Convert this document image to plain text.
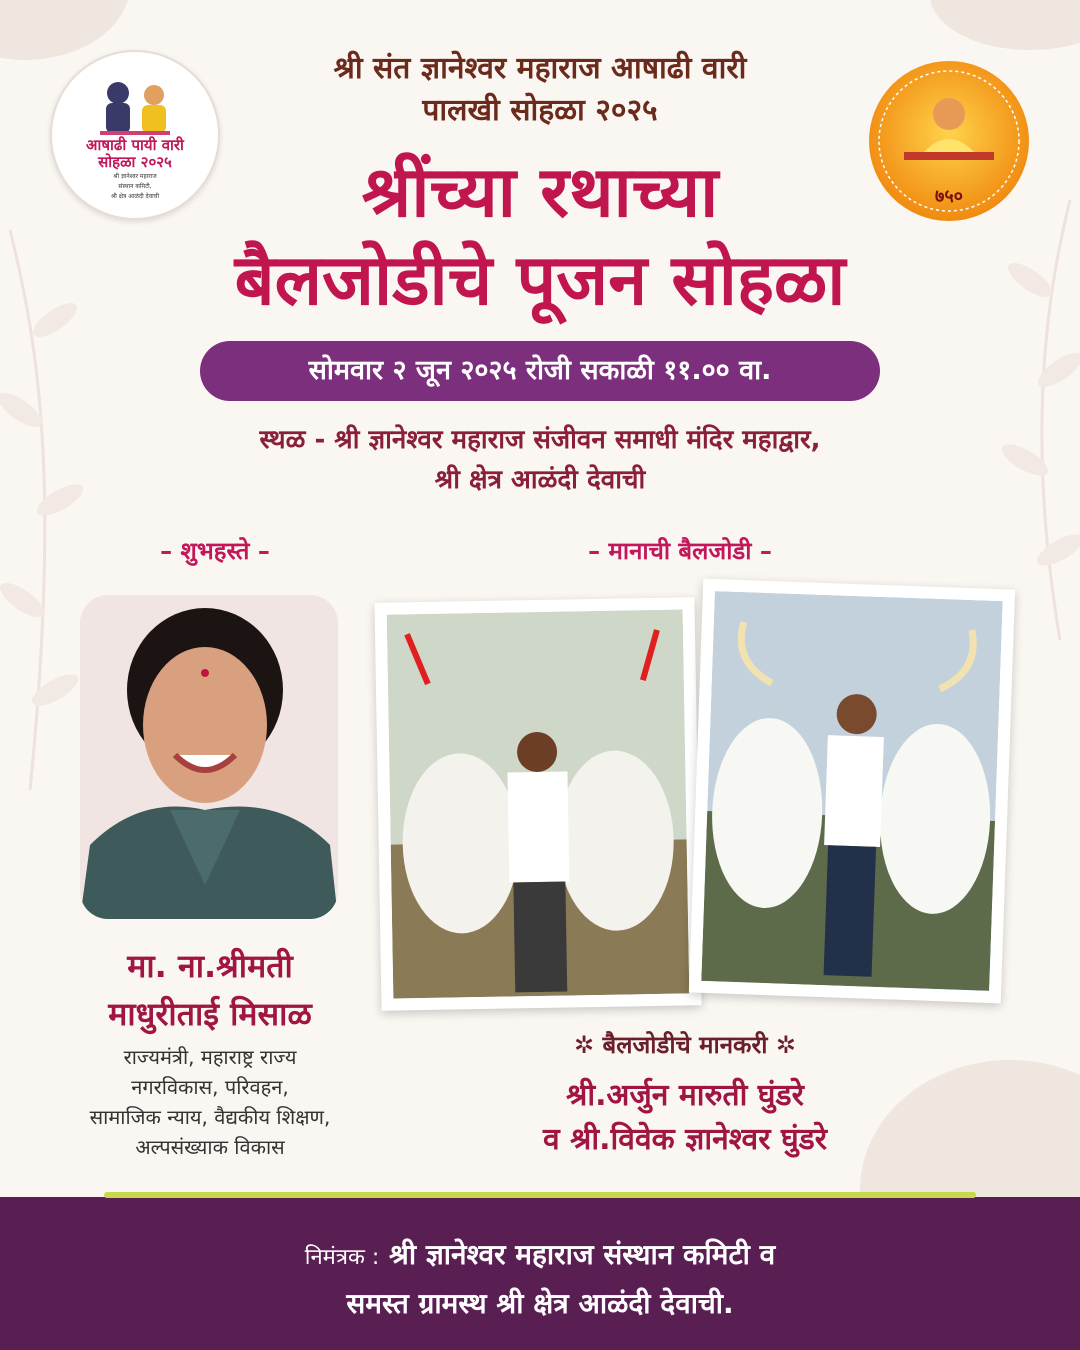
आषाढी पायी वारी
सोहळा २०२५
श्री ज्ञानेश्वर महाराज
संस्थान कमिटी,
श्री क्षेत्र आळंदी देवाची	७५०
श्री संत ज्ञानेश्वर महाराज आषाढी वारी
पालखी सोहळा २०२५
श्रींच्या रथाच्या
बैलजोडीचे पूजन सोहळा
सोमवार २ जून २०२५ रोजी सकाळी ११.०० वा.
स्थळ - श्री ज्ञानेश्वर महाराज संजीवन समाधी मंदिर महाद्वार,
श्री क्षेत्र आळंदी देवाची
– शुभहस्ते –	– मानाची बैलजोडी –
मा. ना.श्रीमती
माधुरीताई मिसाळ
राज्यमंत्री, महाराष्ट्र राज्य
नगरविकास, परिवहन,
सामाजिक न्याय, वैद्यकीय शिक्षण,
अल्पसंख्याक विकास
✲ बैलजोडीचे मानकरी ✲
श्री.अर्जुन मारुती घुंडरे
व श्री.विवेक ज्ञानेश्वर घुंडरे
निमंत्रक : श्री ज्ञानेश्वर महाराज संस्थान कमिटी व
समस्त ग्रामस्थ श्री क्षेत्र आळंदी देवाची.
